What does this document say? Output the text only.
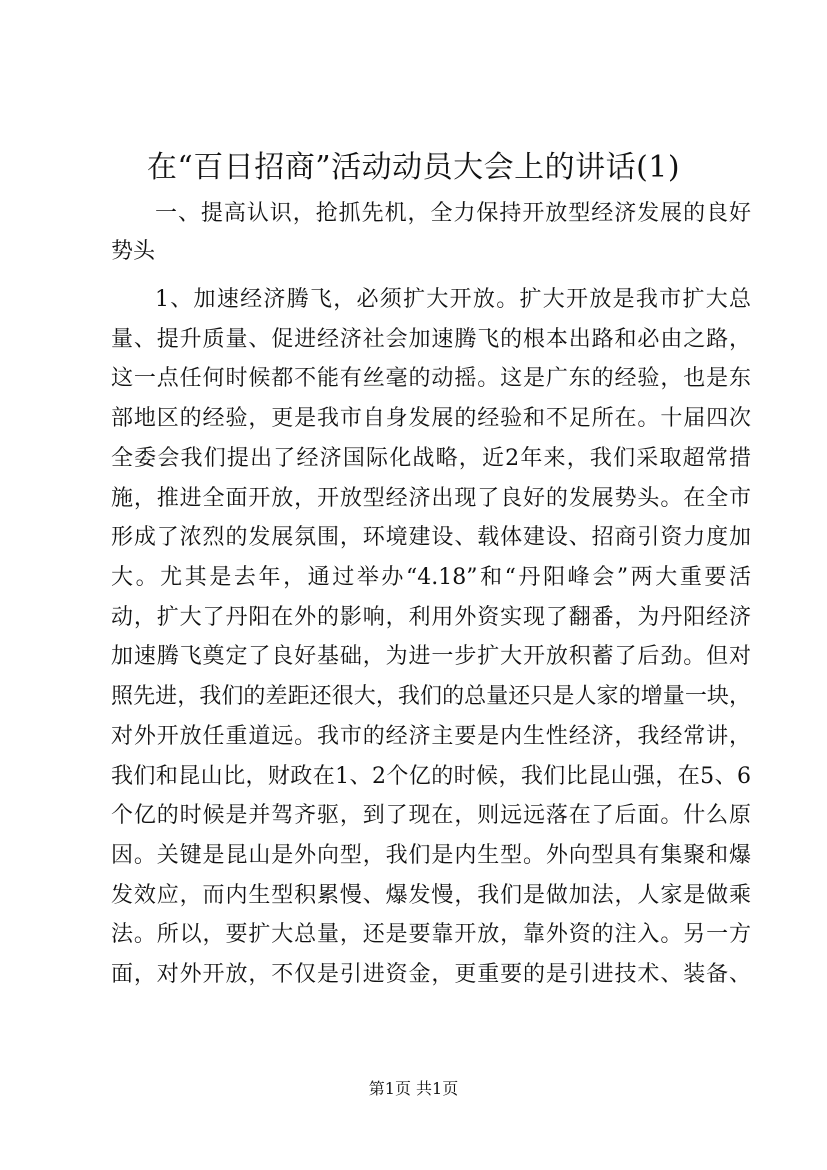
在“百日招商”活动动员大会上的讲话(1)

一、提高认识，抢抓先机，全力保持开放型经济发展的良好

势头

1、加速经济腾飞，必须扩大开放。扩大开放是我市扩大总

量、提升质量、促进经济社会加速腾飞的根本出路和必由之路，

这一点任何时候都不能有丝毫的动摇。这是广东的经验，也是东

部地区的经验，更是我市自身发展的经验和不足所在。十届四次

全委会我们提出了经济国际化战略，近2年来，我们采取超常措

施，推进全面开放，开放型经济出现了良好的发展势头。在全市

形成了浓烈的发展氛围，环境建设、载体建设、招商引资力度加

大。尤其是去年，通过举办“4.18”和“丹阳峰会”两大重要活

动，扩大了丹阳在外的影响，利用外资实现了翻番，为丹阳经济

加速腾飞奠定了良好基础，为进一步扩大开放积蓄了后劲。但对

照先进，我们的差距还很大，我们的总量还只是人家的增量一块，

对外开放任重道远。我市的经济主要是内生性经济，我经常讲，

我们和昆山比，财政在1、2个亿的时候，我们比昆山强，在5、6

个亿的时候是并驾齐驱，到了现在，则远远落在了后面。什么原

因。关键是昆山是外向型，我们是内生型。外向型具有集聚和爆

发效应，而内生型积累慢、爆发慢，我们是做加法，人家是做乘

法。所以，要扩大总量，还是要靠开放，靠外资的注入。另一方

面，对外开放，不仅是引进资金，更重要的是引进技术、装备、

第1页 共1页
